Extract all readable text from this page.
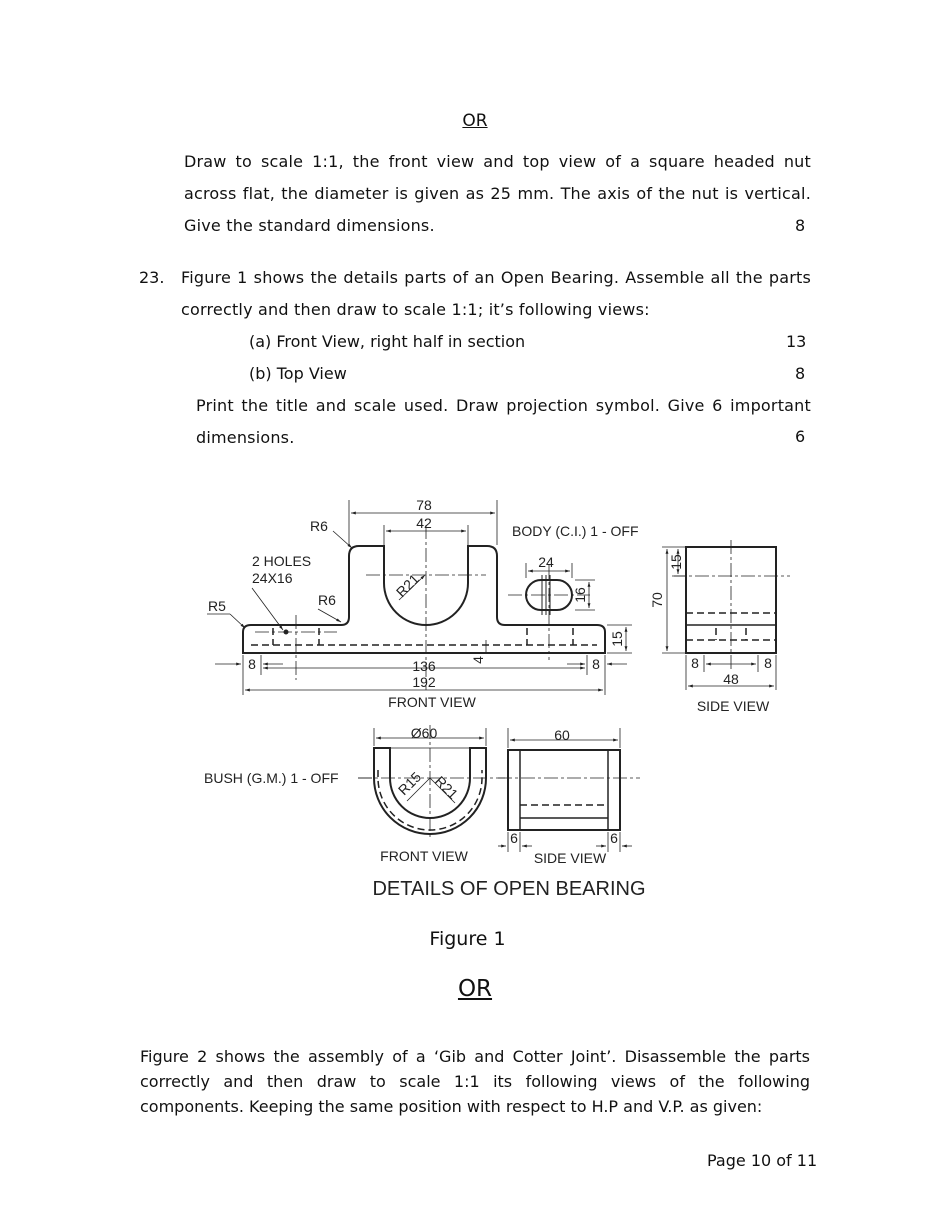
OR
Draw to scale 1:1, the front view and top view of a square headed nut across flat, the diameter is given as 25 mm. The axis of the nut is vertical. Give the standard dimensions.	8
23. Figure 1 shows the details parts of an Open Bearing. Assemble all the parts correctly and then draw to scale 1:1; it’s following views:
(a) Front View, right half in section	13
(b) Top View	8
Print the title and scale used. Draw projection symbol. Give 6 important dimensions.	6
78
42
R6	BODY (C.I.) 1 - OFF
2 HOLES
24X16
R6
R5
R21
24
16
15
15
70
8	8
136 4
192
FRONT VIEW
8	8
48
SIDE VIEW
Ø60	60
BUSH (G.M.) 1 - OFF	R15 R21
6	6
FRONT VIEW	SIDE VIEW
DETAILS OF OPEN BEARING
Figure 1
OR
Figure 2 shows the assembly of a ‘Gib and Cotter Joint’. Disassemble the parts correctly and then draw to scale 1:1 its following views of the following components. Keeping the same position with respect to H.P and V.P. as given:
Page 10 of 11
